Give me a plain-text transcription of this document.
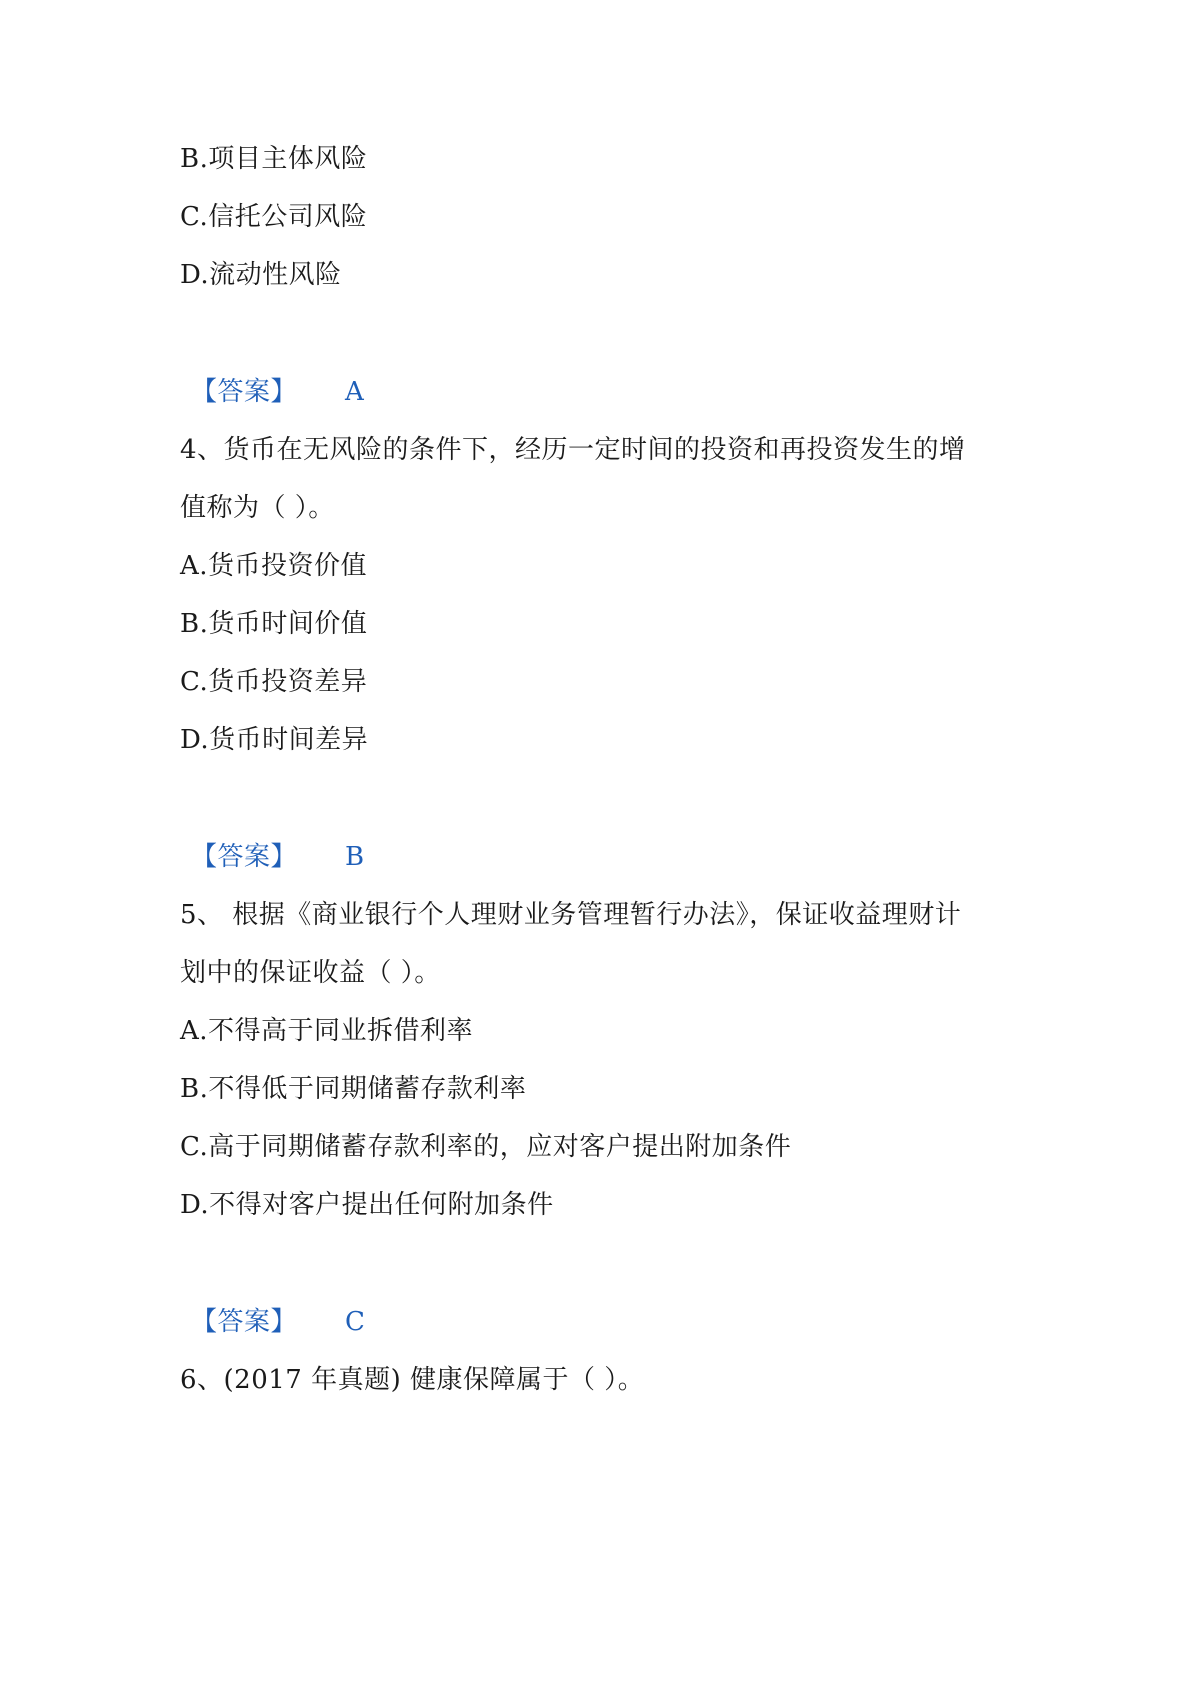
B.项目主体风险
C.信托公司风险
D.流动性风险
【答案】 A
4、货币在无风险的条件下，经历一定时间的投资和再投资发生的增
值称为（ ）。
A.货币投资价值
B.货币时间价值
C.货币投资差异
D.货币时间差异
【答案】 B
5、 根据《商业银行个人理财业务管理暂行办法》，保证收益理财计
划中的保证收益（ ）。
A.不得高于同业拆借利率
B.不得低于同期储蓄存款利率
C.高于同期储蓄存款利率的，应对客户提出附加条件
D.不得对客户提出任何附加条件
【答案】 C
6、(2017 年真题) 健康保障属于（ ）。
